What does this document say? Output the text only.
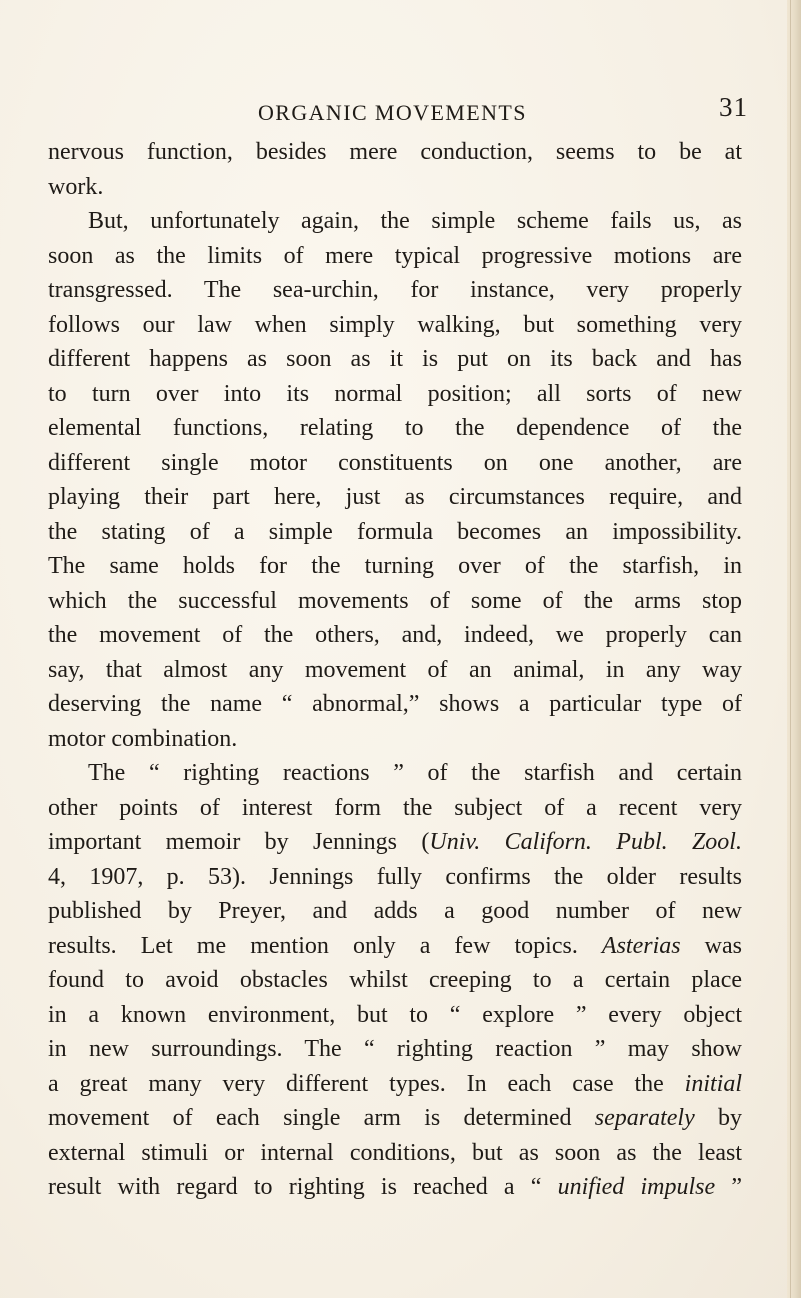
ORGANIC MOVEMENTS	31
nervous function, besides mere conduction, seems to be at
work.
But, unfortunately again, the simple scheme fails us, as
soon as the limits of mere typical progressive motions are
transgressed. The sea-urchin, for instance, very properly
follows our law when simply walking, but something very
different happens as soon as it is put on its back and has
to turn over into its normal position; all sorts of new
elemental functions, relating to the dependence of the
different single motor constituents on one another, are
playing their part here, just as circumstances require, and
the stating of a simple formula becomes an impossibility.
The same holds for the turning over of the starfish, in
which the successful movements of some of the arms stop
the movement of the others, and, indeed, we properly can
say, that almost any movement of an animal, in any way
deserving the name “ abnormal,” shows a particular type of
motor combination.
The “ righting reactions ” of the starfish and certain
other points of interest form the subject of a recent very
important memoir by Jennings (Univ. Californ. Publ. Zool.
4, 1907, p. 53). Jennings fully confirms the older results
published by Preyer, and adds a good number of new
results. Let me mention only a few topics. Asterias was
found to avoid obstacles whilst creeping to a certain place
in a known environment, but to “ explore ” every object
in new surroundings. The “ righting reaction ” may show
a great many very different types. In each case the initial
movement of each single arm is determined separately by
external stimuli or internal conditions, but as soon as the least
result with regard to righting is reached a “ unified impulse ”
